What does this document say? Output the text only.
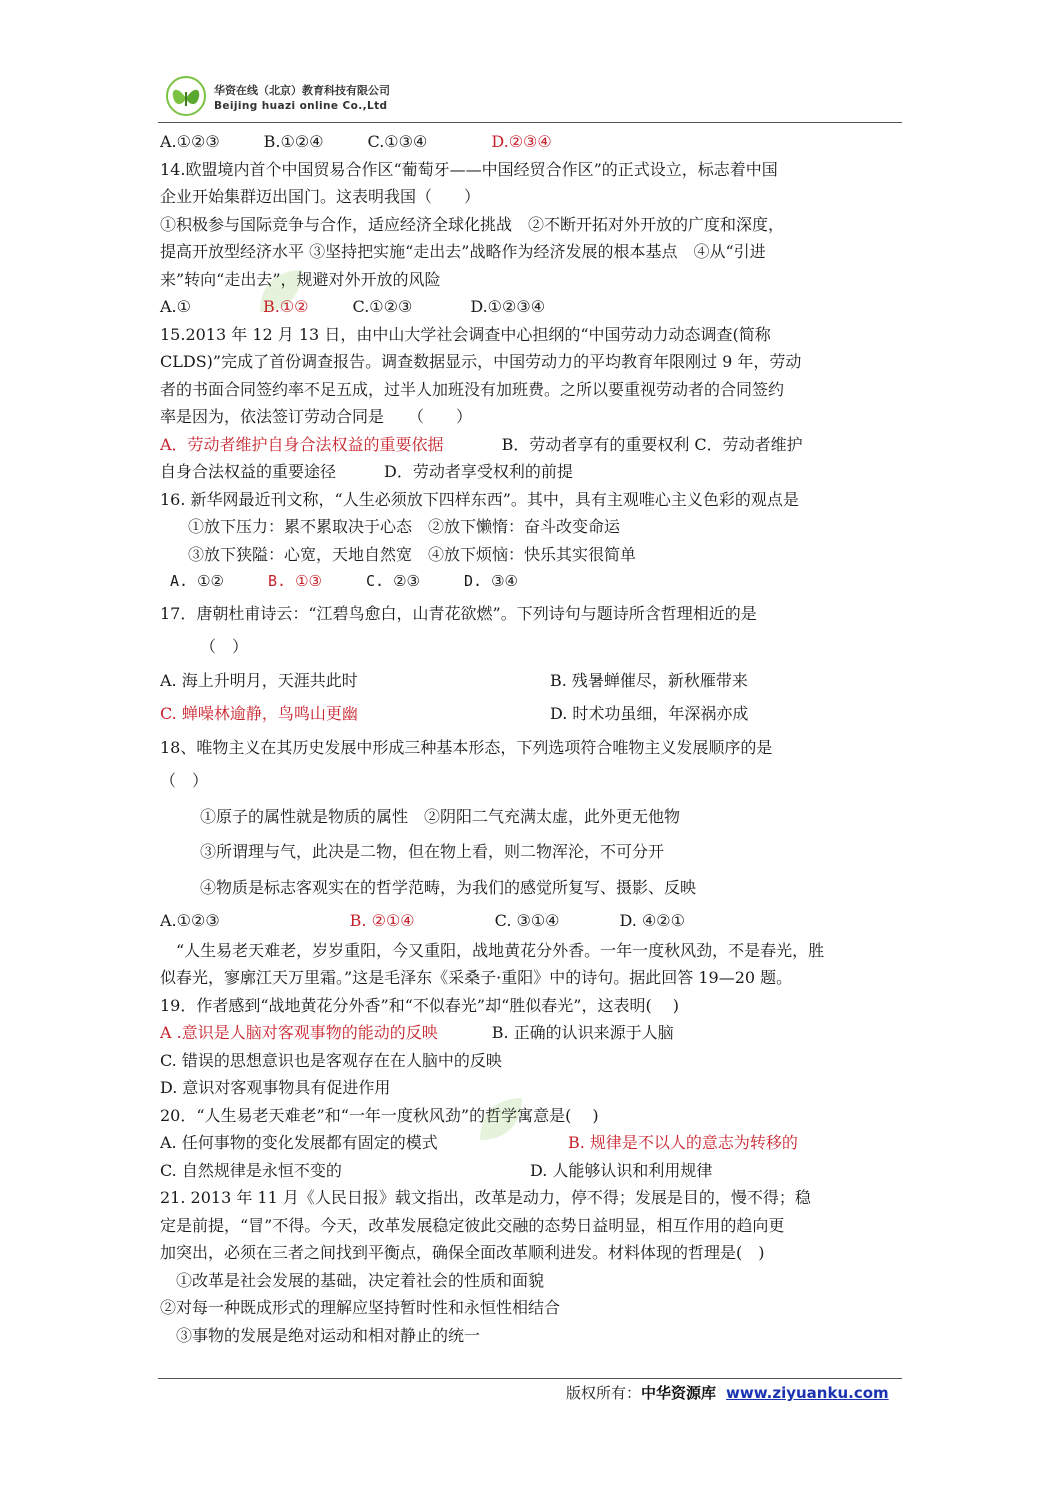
华资在线（北京）教育科技有限公司
Beijing huazi online Co.,Ltd

A.①②③	B.①②④	C.①③④	D.②③④

14.欧盟境内首个中国贸易合作区“葡萄牙——中国经贸合作区”的正式设立，标志着中国

企业开始集群迈出国门。这表明我国（　　）

①积极参与国际竞争与合作，适应经济全球化挑战　②不断开拓对外开放的广度和深度，

提高开放型经济水平 ③坚持把实施“走出去”战略作为经济发展的根本基点　④从“引进

来”转向“走出去”，规避对外开放的风险

A.①	B.①②	C.①②③	D.①②③④

15.2013 年 12 月 13 日，由中山大学社会调查中心担纲的“中国劳动力动态调查(简称

CLDS)”完成了首份调查报告。调查数据显示，中国劳动力的平均教育年限刚过 9 年，劳动

者的书面合同签约率不足五成，过半人加班没有加班费。之所以要重视劳动者的合同签约

率是因为，依法签订劳动合同是　　（　　）

A．劳动者维护自身合法权益的重要依据	B．劳动者享有的重要权利 C．劳动者维护

自身合法权益的重要途径	D．劳动者享受权利的前提

16. 新华网最近刊文称，“人生必须放下四样东西”。其中，具有主观唯心主义色彩的观点是

①放下压力：累不累取决于心态　②放下懒惰：奋斗改变命运

③放下狭隘：心宽，天地自然宽　④放下烦恼：快乐其实很简单

A. ①②	B. ①③	C. ②③	D. ③④

17．唐朝杜甫诗云：“江碧鸟愈白，山青花欲燃”。下列诗句与题诗所含哲理相近的是

（　）

A. 海上升明月，天涯共此时	B. 残暑蝉催尽，新秋雁带来
C. 蝉噪林逾静，鸟鸣山更幽	D. 时术功虽细，年深祸亦成

18、唯物主义在其历史发展中形成三种基本形态，下列选项符合唯物主义发展顺序的是

（　）

①原子的属性就是物质的属性　②阴阳二气充满太虚，此外更无他物

③所谓理与气，此决是二物，但在物上看，则二物浑沦，不可分开

④物质是标志客观实在的哲学范畴，为我们的感觉所复写、摄影、反映

A.①②③	B. ②①④	C. ③①④	D. ④②①

“人生易老天难老，岁岁重阳，今又重阳，战地黄花分外香。一年一度秋风劲，不是春光，胜

似春光，寥廓江天万里霜。”这是毛泽东《采桑子·重阳》中的诗句。据此回答 19—20 题。

19．作者感到“战地黄花分外香”和“不似春光”却“胜似春光”，这表明(　 )

A .意识是人脑对客观事物的能动的反映	B. 正确的认识来源于人脑

C. 错误的思想意识也是客观存在在人脑中的反映

D. 意识对客观事物具有促进作用

20．“人生易老天难老”和“一年一度秋风劲”的哲学寓意是(　 )

A. 任何事物的变化发展都有固定的模式	B. 规律是不以人的意志为转移的
C. 自然规律是永恒不变的	D. 人能够认识和利用规律

21. 2013 年 11 月《人民日报》载文指出，改革是动力，停不得；发展是目的，慢不得；稳

定是前提，“冒”不得。今天，改革发展稳定彼此交融的态势日益明显，相互作用的趋向更

加突出，必须在三者之间找到平衡点，确保全面改革顺利进发。材料体现的哲理是(　)

①改革是社会发展的基础，决定着社会的性质和面貌

②对每一种既成形式的理解应坚持暂时性和永恒性相结合

③事物的发展是绝对运动和相对静止的统一

版权所有：中华资源库 www.ziyuanku.com
